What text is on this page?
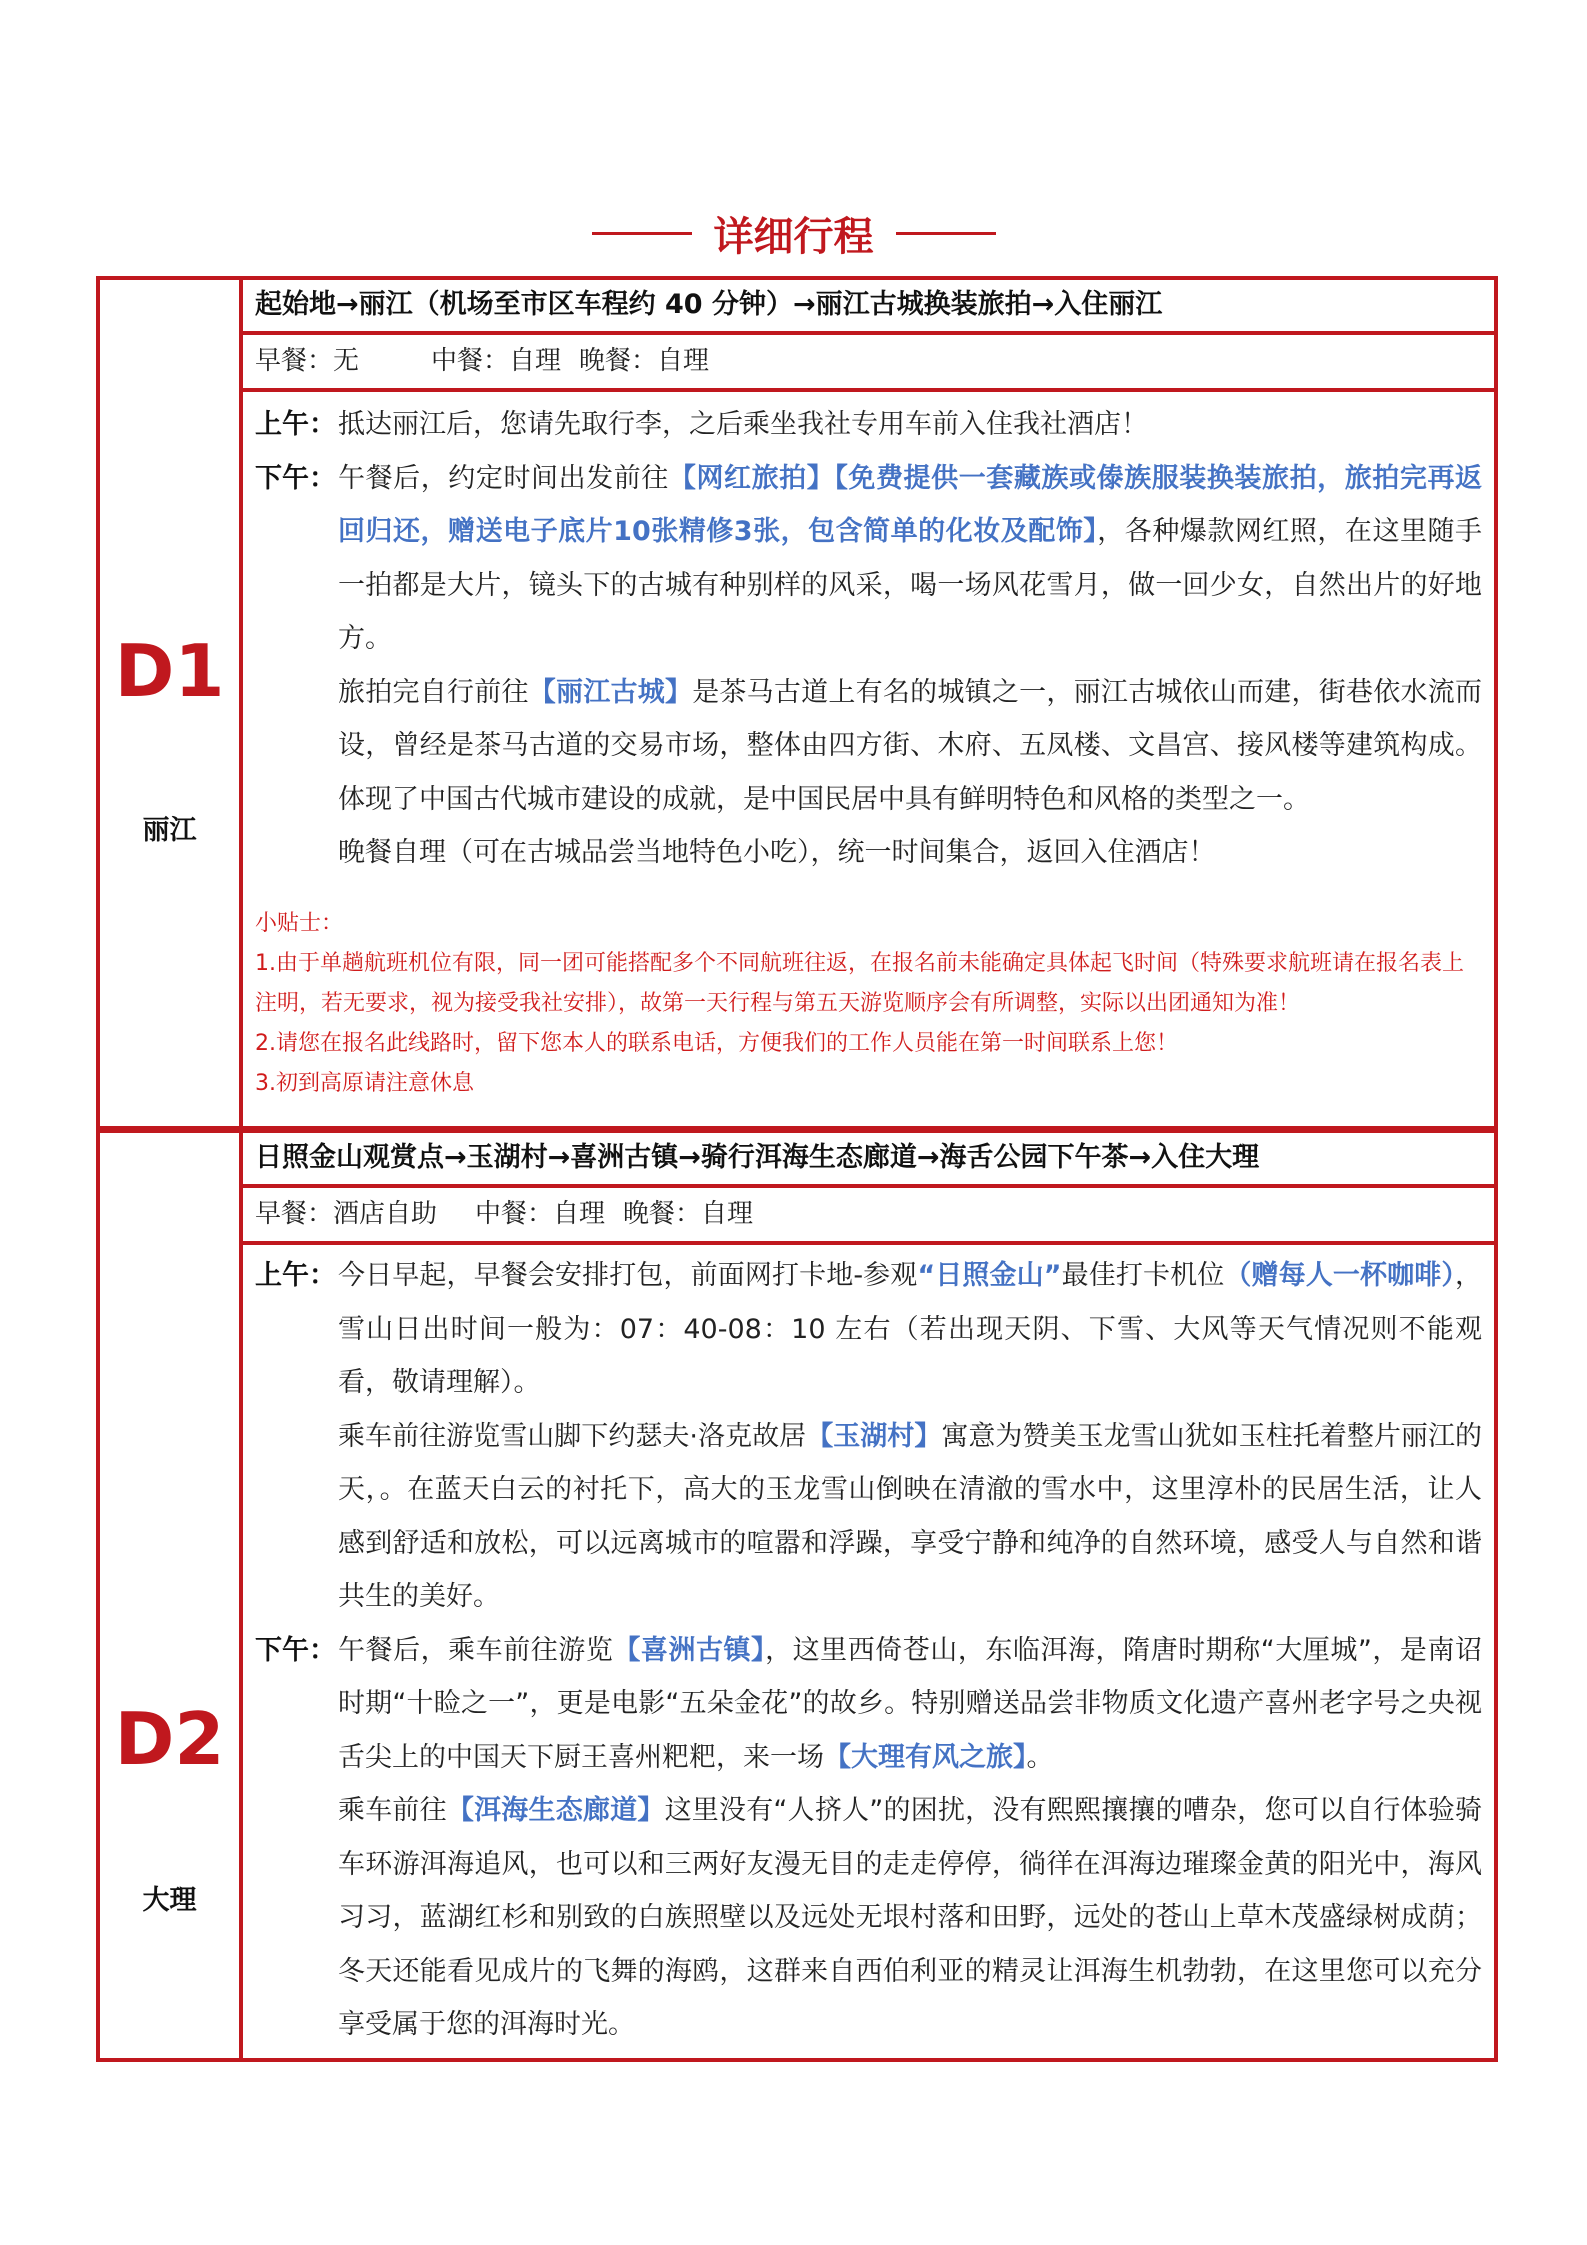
详细行程
D1
丽江
起始地→丽江（机场至市区车程约 40 分钟）→丽江古城换装旅拍→入住丽江
早餐：无	中餐：自理 晚餐：自理
上午： 抵达丽江后，您请先取行李，之后乘坐我社专用车前入住我社酒店！
下午： 午餐后，约定时间出发前往【网红旅拍】【免费提供一套藏族或傣族服装换装旅拍，旅拍完再返回归还，赠送电子底片10张精修3张，包含简单的化妆及配饰】，各种爆款网红照，在这里随手一拍都是大片，镜头下的古城有种别样的风采，喝一场风花雪月，做一回少女，自然出片的好地方。
旅拍完自行前往【丽江古城】是茶马古道上有名的城镇之一，丽江古城依山而建，街巷依水流而设，曾经是茶马古道的交易市场，整体由四方街、木府、五凤楼、文昌宫、接风楼等建筑构成。体现了中国古代城市建设的成就，是中国民居中具有鲜明特色和风格的类型之一。
晚餐自理（可在古城品尝当地特色小吃），统一时间集合，返回入住酒店！
小贴士：
1.由于单趟航班机位有限，同一团可能搭配多个不同航班往返，在报名前未能确定具体起飞时间（特殊要求航班请在报名表上注明，若无要求，视为接受我社安排），故第一天行程与第五天游览顺序会有所调整，实际以出团通知为准！
2.请您在报名此线路时，留下您本人的联系电话，方便我们的工作人员能在第一时间联系上您！
3.初到高原请注意休息
D2
大理
日照金山观赏点→玉湖村→喜洲古镇→骑行洱海生态廊道→海舌公园下午茶→入住大理
早餐：酒店自助 中餐：自理 晚餐：自理
上午： 今日早起，早餐会安排打包，前面网打卡地-参观“日照金山”最佳打卡机位（赠每人一杯咖啡），雪山日出时间一般为：07：40-08：10 左右（若出现天阴、下雪、大风等天气情况则不能观看，敬请理解）。
乘车前往游览雪山脚下约瑟夫·洛克故居【玉湖村】寓意为赞美玉龙雪山犹如玉柱托着整片丽江的天，。在蓝天白云的衬托下，高大的玉龙雪山倒映在清澈的雪水中，这里淳朴的民居生活，让人感到舒适和放松，可以远离城市的喧嚣和浮躁，享受宁静和纯净的自然环境，感受人与自然和谐共生的美好。
下午： 午餐后，乘车前往游览【喜洲古镇】，这里西倚苍山，东临洱海，隋唐时期称“大厘城”，是南诏时期“十睑之一”，更是电影“五朵金花”的故乡。特别赠送品尝非物质文化遗产喜州老字号之央视舌尖上的中国天下厨王喜州粑粑，来一场【大理有风之旅】。
乘车前往【洱海生态廊道】这里没有“人挤人”的困扰，没有熙熙攘攘的嘈杂，您可以自行体验骑车环游洱海追风，也可以和三两好友漫无目的走走停停，徜徉在洱海边璀璨金黄的阳光中，海风习习，蓝湖红杉和别致的白族照壁以及远处无垠村落和田野，远处的苍山上草木茂盛绿树成荫；冬天还能看见成片的飞舞的海鸥，这群来自西伯利亚的精灵让洱海生机勃勃，在这里您可以充分享受属于您的洱海时光。
